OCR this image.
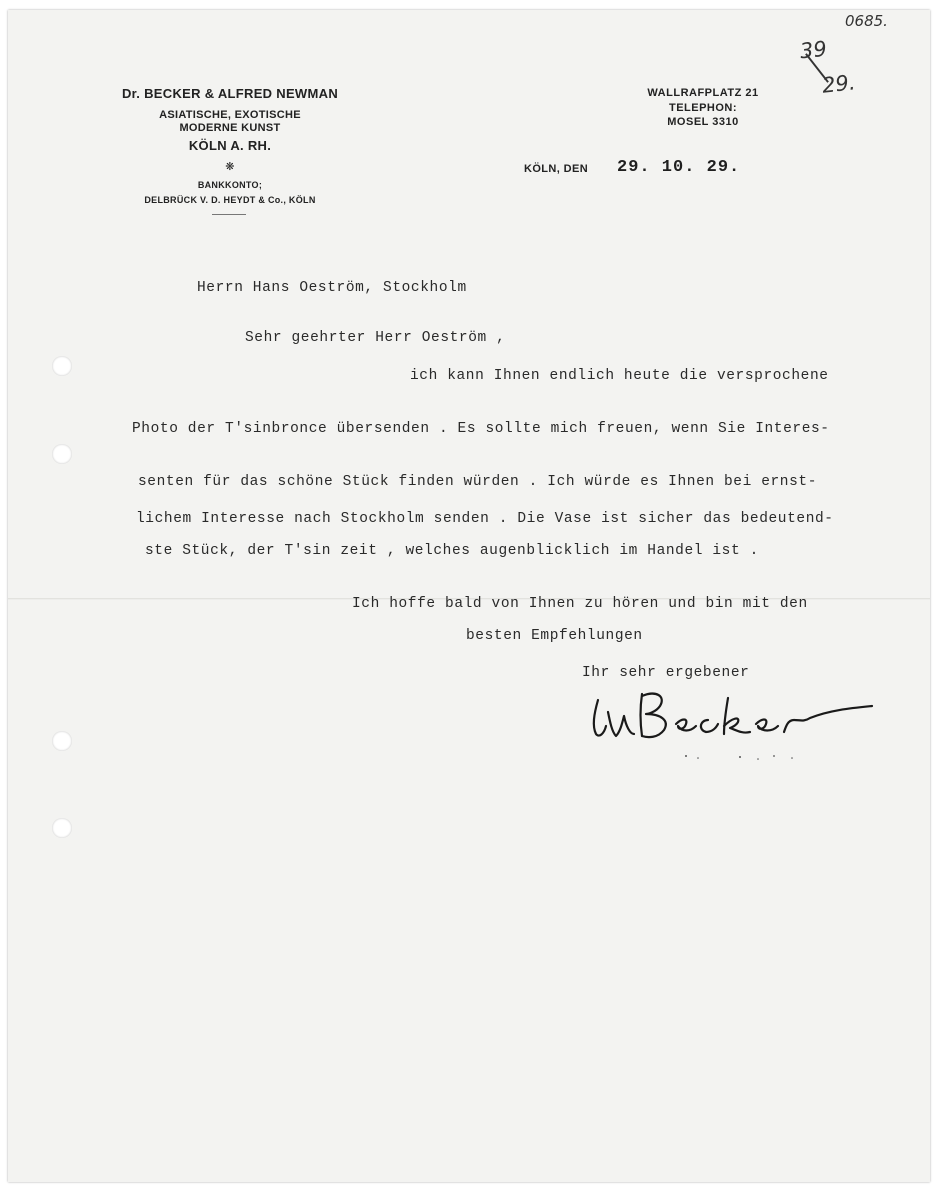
0685.
39
29.
Dr. BECKER & ALFRED NEWMAN
ASIATISCHE, EXOTISCHE
MODERNE KUNST
KÖLN A. RH.
❋
BANKKONTO;
DELBRÜCK V. D. HEYDT & Co., KÖLN
WALLRAFPLATZ 21
TELEPHON:
MOSEL 3310
KÖLN, DEN 29. 10. 29.
Herrn Hans Oeström, Stockholm
Sehr geehrter Herr Oeström ,
ich kann Ihnen endlich heute die versprochene
Photo der T'sinbronce übersenden . Es sollte mich freuen, wenn Sie Interes-
senten für das schöne Stück finden würden . Ich würde es Ihnen bei ernst-
lichem Interesse nach Stockholm senden . Die Vase ist sicher das bedeutend-
ste Stück, der T'sin zeit , welches augenblicklich im Handel ist .
Ich hoffe bald von Ihnen zu hören und bin mit den
besten Empfehlungen
Ihr sehr ergebener
